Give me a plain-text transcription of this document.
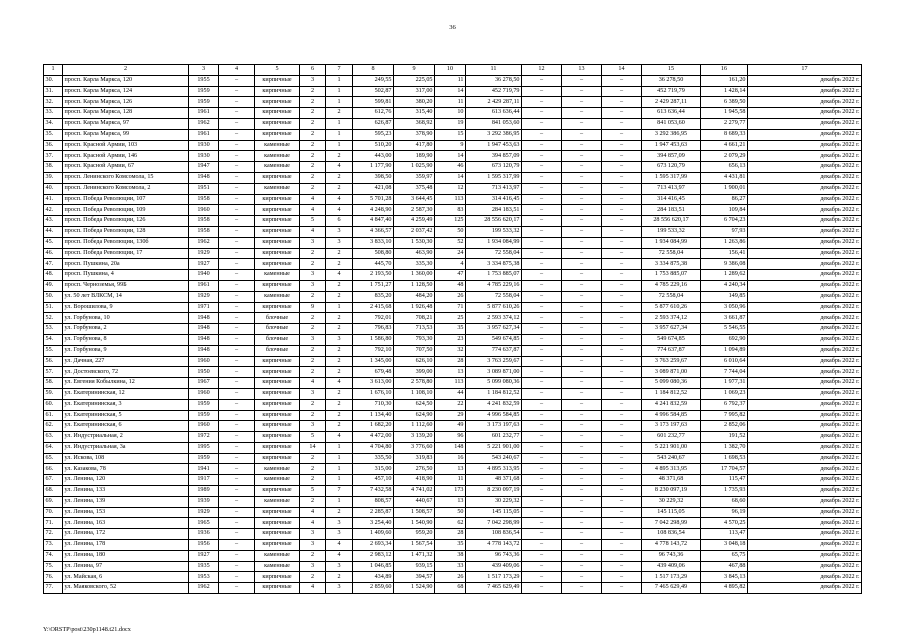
36
1	2	3	4	5	6	7	8	9	10	11	12	13	14	15	16	17
30.	просп. Карла Маркса, 120	1955	–	кирпичные	3	1	249,55	225,05	11	36 278,50	–	–	–	36 278,50	161,20	декабрь 2022 г.
31.	просп. Карла Маркса, 124	1959	–	кирпичные	2	1	502,87	317,00	14	452 719,79	–	–	–	452 719,79	1 428,14	декабрь 2022 г.
32.	просп. Карла Маркса, 126	1959	–	кирпичные	2	1	599,81	380,20	11	2 429 287,11	–	–	–	2 429 287,11	6 389,50	декабрь 2022 г.
33.	просп. Карла Маркса, 128	1961	–	кирпичные	2	2	612,76	315,40	10	613 636,44	–	–	–	613 636,44	1 945,58	декабрь 2022 г.
34.	просп. Карла Маркса, 97	1962	–	кирпичные	2	1	626,87	368,92	19	841 053,60	–	–	–	841 053,60	2 279,77	декабрь 2022 г.
35.	просп. Карла Маркса, 99	1961	–	кирпичные	2	1	595,23	378,90	15	3 292 386,95	–	–	–	3 292 386,95	8 689,33	декабрь 2022 г.
36.	просп. Красной Армии, 103	1930	–	каменные	2	1	510,20	417,80	9	1 947 453,63	–	–	–	1 947 453,63	4 661,21	декабрь 2022 г.
37.	просп. Красной Армии, 146	1930	–	каменные	2	2	443,00	189,90	14	394 857,09	–	–	–	394 857,09	2 079,29	декабрь 2022 г.
38.	просп. Красной Армии, 67	1947	–	каменные	2	4	1 177,90	1 025,90	46	673 120,79	–	–	–	673 120,79	656,13	декабрь 2022 г.
39.	просп. Ленинского Комсомола, 15	1948	–	кирпичные	2	2	398,50	359,97	14	1 595 317,99	–	–	–	1 595 317,99	4 431,81	декабрь 2022 г.
40.	просп. Ленинского Комсомола, 2	1951	–	каменные	2	2	421,08	375,48	12	713 413,97	–	–	–	713 413,97	1 900,01	декабрь 2022 г.
41.	просп. Победа Революции, 107	1958	–	кирпичные	4	4	5 701,28	3 644,45	113	314 416,45	–	–	–	314 416,45	86,27	декабрь 2022 г.
42.	просп. Победа Революции, 109	1960	–	кирпичные	4	4	4 248,90	2 587,30	83	284 183,51	–	–	–	284 183,51	109,84	декабрь 2022 г.
43.	просп. Победа Революции, 126	1958	–	кирпичные	5	6	4 847,40	4 259,49	125	28 556 620,17	–	–	–	28 556 620,17	6 704,23	декабрь 2022 г.
44.	просп. Победа Революции, 128	1958	–	кирпичные	4	3	4 366,57	2 037,42	50	199 533,32	–	–	–	199 533,32	97,93	декабрь 2022 г.
45.	просп. Победа Революции, 130б	1962	–	кирпичные	3	3	3 833,10	1 530,30	52	1 934 084,99	–	–	–	1 934 084,99	1 263,86	декабрь 2022 г.
46.	просп. Победа Революции, 17	1929	–	кирпичные	2	2	508,80	463,90	24	72 558,04	–	–	–	72 558,04	156,41	декабрь 2022 г.
47.	просп. Пушкина, 20а	1927	–	кирпичные	2	2	445,70	335,30	4	3 334 875,38	–	–	–	3 334 875,38	9 386,08	декабрь 2022 г.
48.	просп. Пушкина, 4	1940	–	каменные	3	4	2 193,50	1 360,00	47	1 753 885,07	–	–	–	1 753 885,07	1 289,62	декабрь 2022 г.
49.	просп. Черноземья, 99Б	1961	–	кирпичные	3	2	1 751,27	1 128,50	48	4 785 229,16	–	–	–	4 785 229,16	4 240,34	декабрь 2022 г.
50.	ул. 50 лет ВЛКСМ, 14	1929	–	каменные	2	2	835,20	484,20	26	72 558,04	–	–	–	72 558,04	149,85	декабрь 2022 г.
51.	ул. Ворошилова, 9	1971	–	кирпичные	9	1	2 415,68	1 926,48	71	5 877 610,26	–	–	–	5 877 610,26	3 050,96	декабрь 2022 г.
52.	ул. Горбунова, 10	1948	–	блочные	2	2	792,01	708,21	25	2 593 374,12	–	–	–	2 593 374,12	3 661,87	декабрь 2022 г.
53.	ул. Горбунова, 2	1948	–	блочные	2	2	796,83	713,53	35	3 957 627,34	–	–	–	3 957 627,34	5 546,55	декабрь 2022 г.
54.	ул. Горбунова, 8	1948	–	блочные	3	3	1 586,80	793,30	23	549 674,85	–	–	–	549 674,85	692,90	декабрь 2022 г.
55.	ул. Горбунова, 9	1948	–	блочные	2	2	792,10	707,50	32	774 637,87	–	–	–	774 637,87	1 094,89	декабрь 2022 г.
56.	ул. Дачная, 227	1960	–	кирпичные	2	2	1 345,00	626,10	28	3 763 259,67	–	–	–	3 763 259,67	6 010,64	декабрь 2022 г.
57.	ул. Достоевского, 72	1950	–	кирпичные	2	2	679,48	399,00	13	3 089 871,00	–	–	–	3 089 871,00	7 744,04	декабрь 2022 г.
58.	ул. Евгения Кобылкина, 12	1967	–	кирпичные	4	4	3 613,00	2 578,80	113	5 099 080,36	–	–	–	5 099 080,36	1 977,31	декабрь 2022 г.
59.	ул. Екатерининская, 12	1960	–	кирпичные	3	2	1 676,10	1 108,10	44	1 184 812,52	–	–	–	1 184 812,52	1 069,23	декабрь 2022 г.
60.	ул. Екатерининская, 3	1959	–	кирпичные	2	2	710,30	624,50	22	4 241 832,59	–	–	–	4 241 832,59	6 792,37	декабрь 2022 г.
61.	ул. Екатерининская, 5	1959	–	кирпичные	2	2	1 134,40	624,90	29	4 996 584,85	–	–	–	4 996 584,85	7 995,82	декабрь 2022 г.
62.	ул. Екатерининская, 6	1960	–	кирпичные	3	2	1 682,20	1 112,60	49	3 173 197,63	–	–	–	3 173 197,63	2 852,06	декабрь 2022 г.
63.	ул. Индустриальная, 2	1972	–	кирпичные	5	4	4 472,00	3 139,20	96	601 232,77	–	–	–	601 232,77	191,52	декабрь 2022 г.
64.	ул. Индустриальная, 3а	1995	–	кирпичные	14	1	4 704,80	3 776,60	148	5 221 901,00	–	–	–	5 221 901,00	1 382,70	декабрь 2022 г.
65.	ул. Искова, 108	1959	–	кирпичные	2	1	335,50	319,83	16	543 240,67	–	–	–	543 240,67	1 698,53	декабрь 2022 г.
66.	ул. Казакова, 78	1941	–	каменные	2	1	315,00	276,50	13	4 895 313,95	–	–	–	4 895 313,95	17 704,57	декабрь 2022 г.
67.	ул. Ленина, 120	1917	–	каменные	2	1	457,10	418,90	11	48 371,68	–	–	–	48 371,68	115,47	декабрь 2022 г.
68.	ул. Ленина, 133	1989	–	кирпичные	5	7	7 432,58	4 741,02	173	8 230 097,19	–	–	–	8 230 097,19	1 735,93	декабрь 2022 г.
69.	ул. Ленина, 139	1939	–	каменные	2	1	808,57	440,67	13	30 229,32	–	–	–	30 229,32	68,60	декабрь 2022 г.
70.	ул. Ленина, 153	1929	–	кирпичные	4	2	2 285,87	1 508,57	50	145 115,05	–	–	–	145 115,05	96,19	декабрь 2022 г.
71.	ул. Ленина, 163	1965	–	кирпичные	4	3	3 254,40	1 540,90	62	7 042 298,99	–	–	–	7 042 298,99	4 570,25	декабрь 2022 г.
72.	ул. Ленина, 172	1936	–	кирпичные	3	3	1 409,60	959,20	28	108 836,54	–	–	–	108 836,54	113,47	декабрь 2022 г.
73.	ул. Ленина, 178	1956	–	кирпичные	3	4	2 693,34	1 567,54	35	4 778 143,72	–	–	–	4 778 143,72	3 048,18	декабрь 2022 г.
74.	ул. Ленина, 180	1927	–	каменные	2	4	2 983,12	1 471,32	38	96 743,36	–	–	–	96 743,36	65,75	декабрь 2022 г.
75.	ул. Ленина, 97	1935	–	каменные	3	3	1 046,85	939,15	33	439 409,06	–	–	–	439 409,06	467,88	декабрь 2022 г.
76.	ул. Майская, 6	1953	–	кирпичные	2	2	434,89	394,57	26	1 517 173,29	–	–	–	1 517 173,29	3 845,13	декабрь 2022 г.
77.	ул. Маяковского, 52	1962	–	кирпичные	4	3	2 859,60	1 524,90	68	7 465 629,49	–	–	–	7 465 629,49	4 895,82	декабрь 2022 г.
Y:\ORSTP\post\230p1148.t21.docx
